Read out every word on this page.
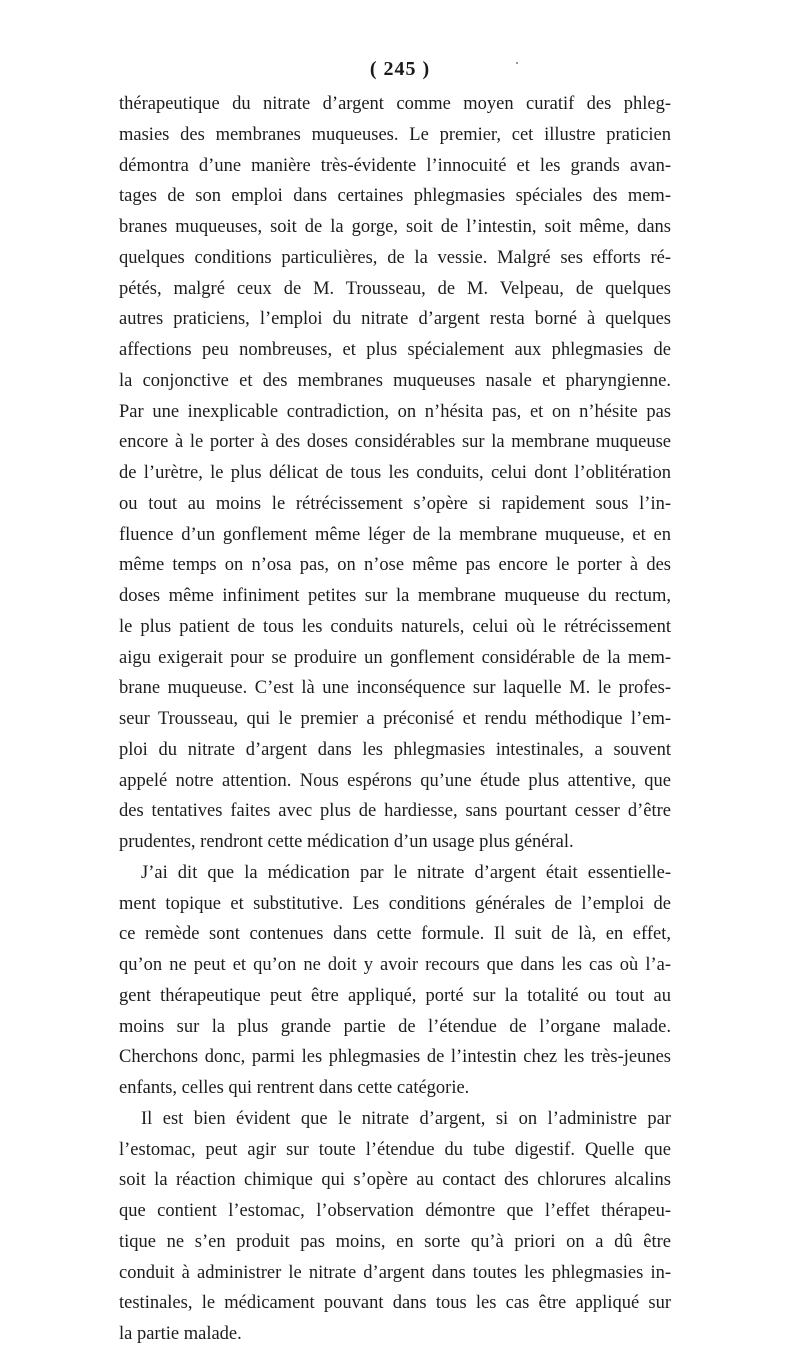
( 245 )
thérapeutique du nitrate d’argent comme moyen curatif des phleg-
masies des membranes muqueuses. Le premier, cet illustre praticien
démontra d’une manière très-évidente l’innocuité et les grands avan-
tages de son emploi dans certaines phlegmasies spéciales des mem-
branes muqueuses, soit de la gorge, soit de l’intestin, soit même, dans
quelques conditions particulières, de la vessie. Malgré ses efforts ré-
pétés, malgré ceux de M. Trousseau, de M. Velpeau, de quelques
autres praticiens, l’emploi du nitrate d’argent resta borné à quelques
affections peu nombreuses, et plus spécialement aux phlegmasies de
la conjonctive et des membranes muqueuses nasale et pharyngienne.
Par une inexplicable contradiction, on n’hésita pas, et on n’hésite pas
encore à le porter à des doses considérables sur la membrane muqueuse
de l’urètre, le plus délicat de tous les conduits, celui dont l’oblitération
ou tout au moins le rétrécissement s’opère si rapidement sous l’in-
fluence d’un gonflement même léger de la membrane muqueuse, et en
même temps on n’osa pas, on n’ose même pas encore le porter à des
doses même infiniment petites sur la membrane muqueuse du rectum,
le plus patient de tous les conduits naturels, celui où le rétrécissement
aigu exigerait pour se produire un gonflement considérable de la mem-
brane muqueuse. C’est là une inconséquence sur laquelle M. le profes-
seur Trousseau, qui le premier a préconisé et rendu méthodique l’em-
ploi du nitrate d’argent dans les phlegmasies intestinales, a souvent
appelé notre attention. Nous espérons qu’une étude plus attentive, que
des tentatives faites avec plus de hardiesse, sans pourtant cesser d’être
prudentes, rendront cette médication d’un usage plus général.
J’ai dit que la médication par le nitrate d’argent était essentielle-
ment topique et substitutive. Les conditions générales de l’emploi de
ce remède sont contenues dans cette formule. Il suit de là, en effet,
qu’on ne peut et qu’on ne doit y avoir recours que dans les cas où l’a-
gent thérapeutique peut être appliqué, porté sur la totalité ou tout au
moins sur la plus grande partie de l’étendue de l’organe malade.
Cherchons donc, parmi les phlegmasies de l’intestin chez les très-jeunes
enfants, celles qui rentrent dans cette catégorie.
Il est bien évident que le nitrate d’argent, si on l’administre par
l’estomac, peut agir sur toute l’étendue du tube digestif. Quelle que
soit la réaction chimique qui s’opère au contact des chlorures alcalins
que contient l’estomac, l’observation démontre que l’effet thérapeu-
tique ne s’en produit pas moins, en sorte qu’à priori on a dû être
conduit à administrer le nitrate d’argent dans toutes les phlegmasies in-
testinales, le médicament pouvant dans tous les cas être appliqué sur
la partie malade.
